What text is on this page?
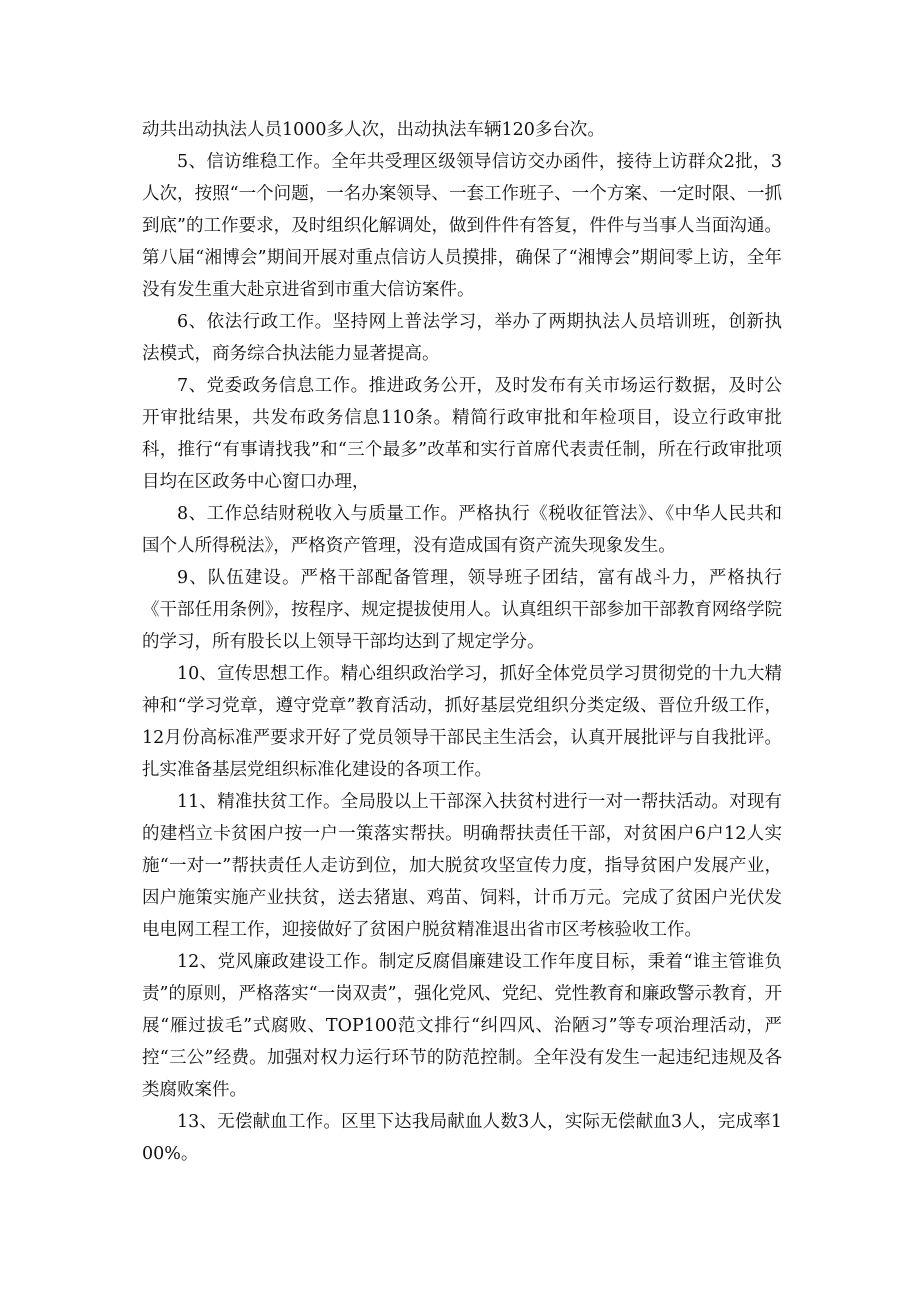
动共出动执法人员1000多人次，出动执法车辆120多台次。

5、信访维稳工作。全年共受理区级领导信访交办函件，接待上访群众2批，3人次，按照“一个问题，一名办案领导、一套工作班子、一个方案、一定时限、一抓到底”的工作要求，及时组织化解调处，做到件件有答复，件件与当事人当面沟通。第八届“湘博会”期间开展对重点信访人员摸排，确保了“湘博会”期间零上访，全年没有发生重大赴京进省到市重大信访案件。

6、依法行政工作。坚持网上普法学习，举办了两期执法人员培训班，创新执法模式，商务综合执法能力显著提高。

7、党委政务信息工作。推进政务公开，及时发布有关市场运行数据，及时公开审批结果，共发布政务信息110条。精简行政审批和年检项目，设立行政审批科，推行“有事请找我”和“三个最多”改革和实行首席代表责任制，所在行政审批项目均在区政务中心窗口办理，

8、工作总结财税收入与质量工作。严格执行《税收征管法》、《中华人民共和国个人所得税法》，严格资产管理，没有造成国有资产流失现象发生。

9、队伍建设。严格干部配备管理，领导班子团结，富有战斗力，严格执行《干部任用条例》，按程序、规定提拔使用人。认真组织干部参加干部教育网络学院的学习，所有股长以上领导干部均达到了规定学分。

10、宣传思想工作。精心组织政治学习，抓好全体党员学习贯彻党的十九大精神和“学习党章，遵守党章”教育活动，抓好基层党组织分类定级、晋位升级工作，12月份高标准严要求开好了党员领导干部民主生活会，认真开展批评与自我批评。扎实准备基层党组织标准化建设的各项工作。

11、精准扶贫工作。全局股以上干部深入扶贫村进行一对一帮扶活动。对现有的建档立卡贫困户按一户一策落实帮扶。明确帮扶责任干部，对贫困户6户12人实施“一对一”帮扶责任人走访到位，加大脱贫攻坚宣传力度，指导贫困户发展产业，因户施策实施产业扶贫，送去猪崽、鸡苗、饲料，计币万元。完成了贫困户光伏发电电网工程工作，迎接做好了贫困户脱贫精准退出省市区考核验收工作。

12、党风廉政建设工作。制定反腐倡廉建设工作年度目标，秉着“谁主管谁负责”的原则，严格落实“一岗双责”，强化党风、党纪、党性教育和廉政警示教育，开展“雁过拔毛”式腐败、TOP100范文排行“纠四风、治陋习”等专项治理活动，严控“三公”经费。加强对权力运行环节的防范控制。全年没有发生一起违纪违规及各类腐败案件。

13、无偿献血工作。区里下达我局献血人数3人，实际无偿献血3人，完成率100%。
